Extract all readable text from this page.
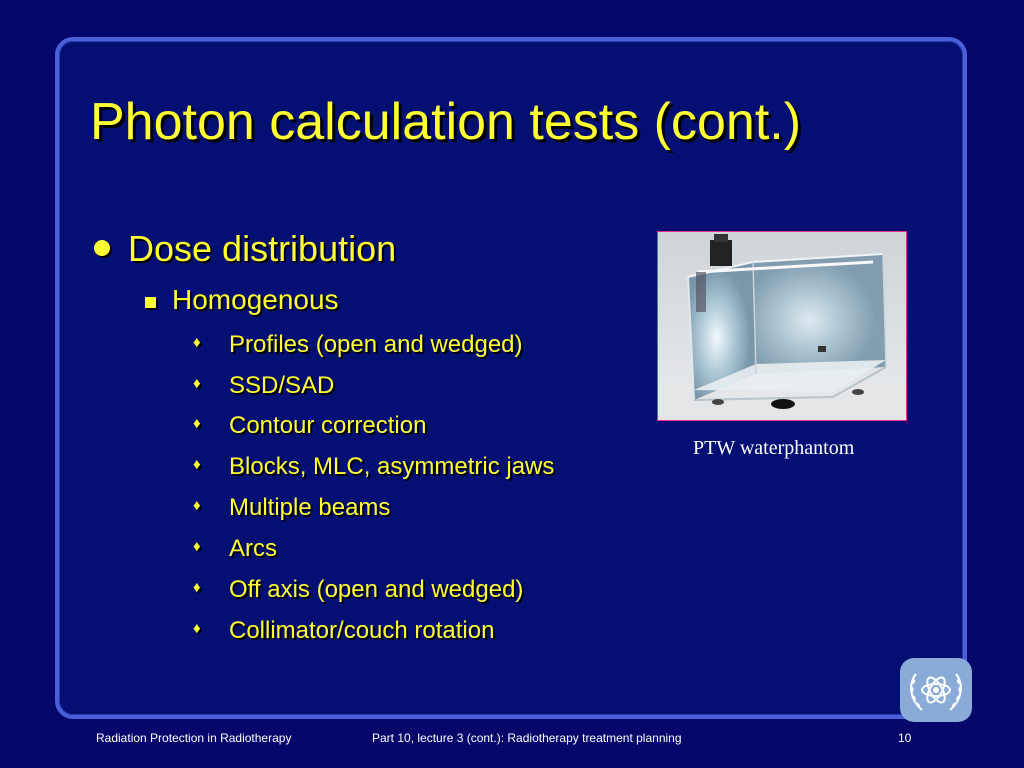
Photon calculation tests (cont.)
Dose distribution
Homogenous
♦ Profiles (open and wedged)
♦ SSD/SAD
♦ Contour correction
♦ Blocks, MLC, asymmetric jaws
♦ Multiple beams
♦ Arcs
♦ Off axis (open and wedged)
♦ Collimator/couch rotation
PTW waterphantom
Radiation Protection in Radiotherapy	Part 10, lecture 3 (cont.): Radiotherapy treatment planning	10
